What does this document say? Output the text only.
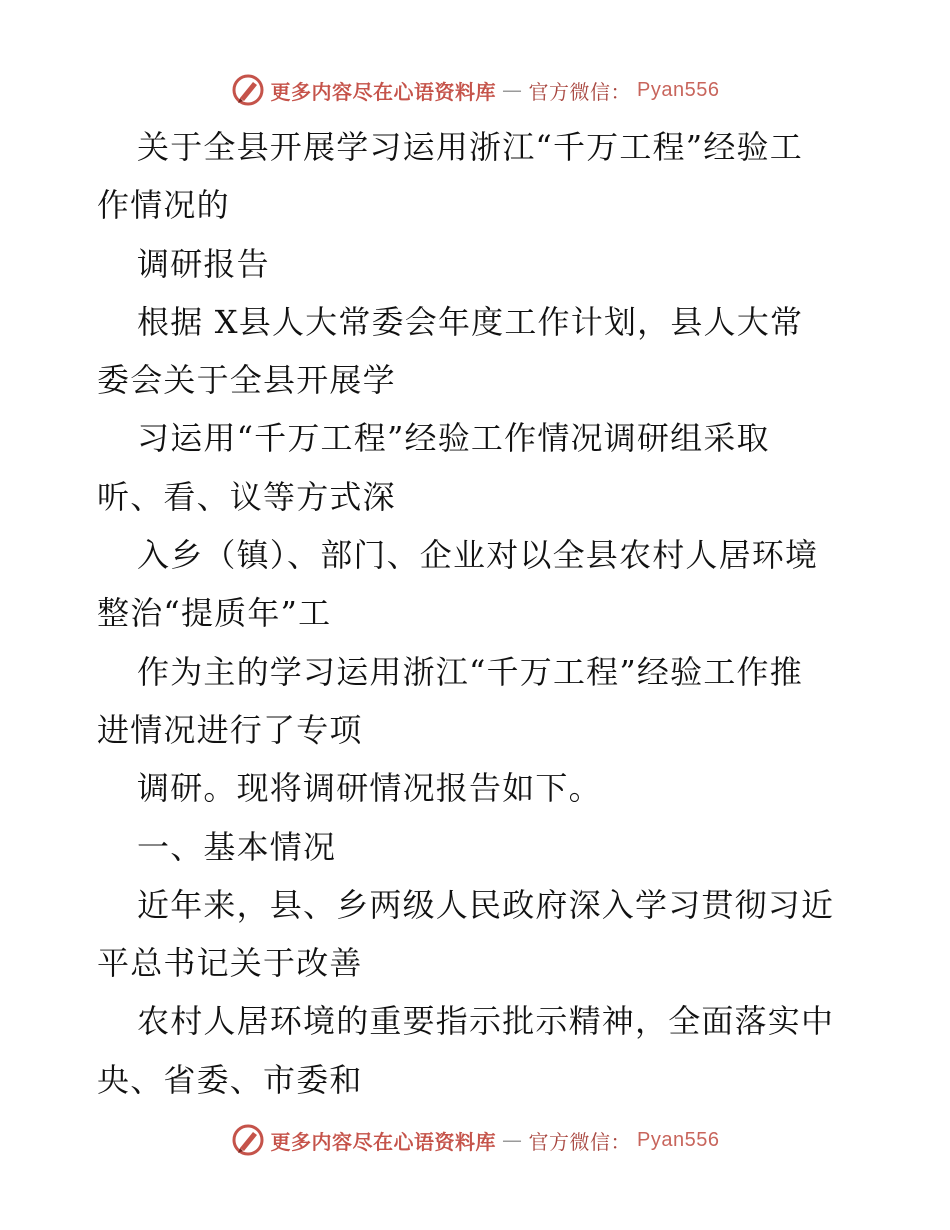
更多内容尽在心语资料库 — 官方微信： Pyan556
关于全县开展学习运用浙江“千万工程”经验工
作情况的
调研报告
根据 X县人大常委会年度工作计划，县人大常
委会关于全县开展学
习运用“千万工程”经验工作情况调研组采取
听、看、议等方式深
入乡（镇）、部门、企业对以全县农村人居环境
整治“提质年”工
作为主的学习运用浙江“千万工程”经验工作推
进情况进行了专项
调研。现将调研情况报告如下。
一、基本情况
近年来，县、乡两级人民政府深入学习贯彻习近
平总书记关于改善
农村人居环境的重要指示批示精神，全面落实中
央、省委、市委和
更多内容尽在心语资料库 — 官方微信： Pyan556
